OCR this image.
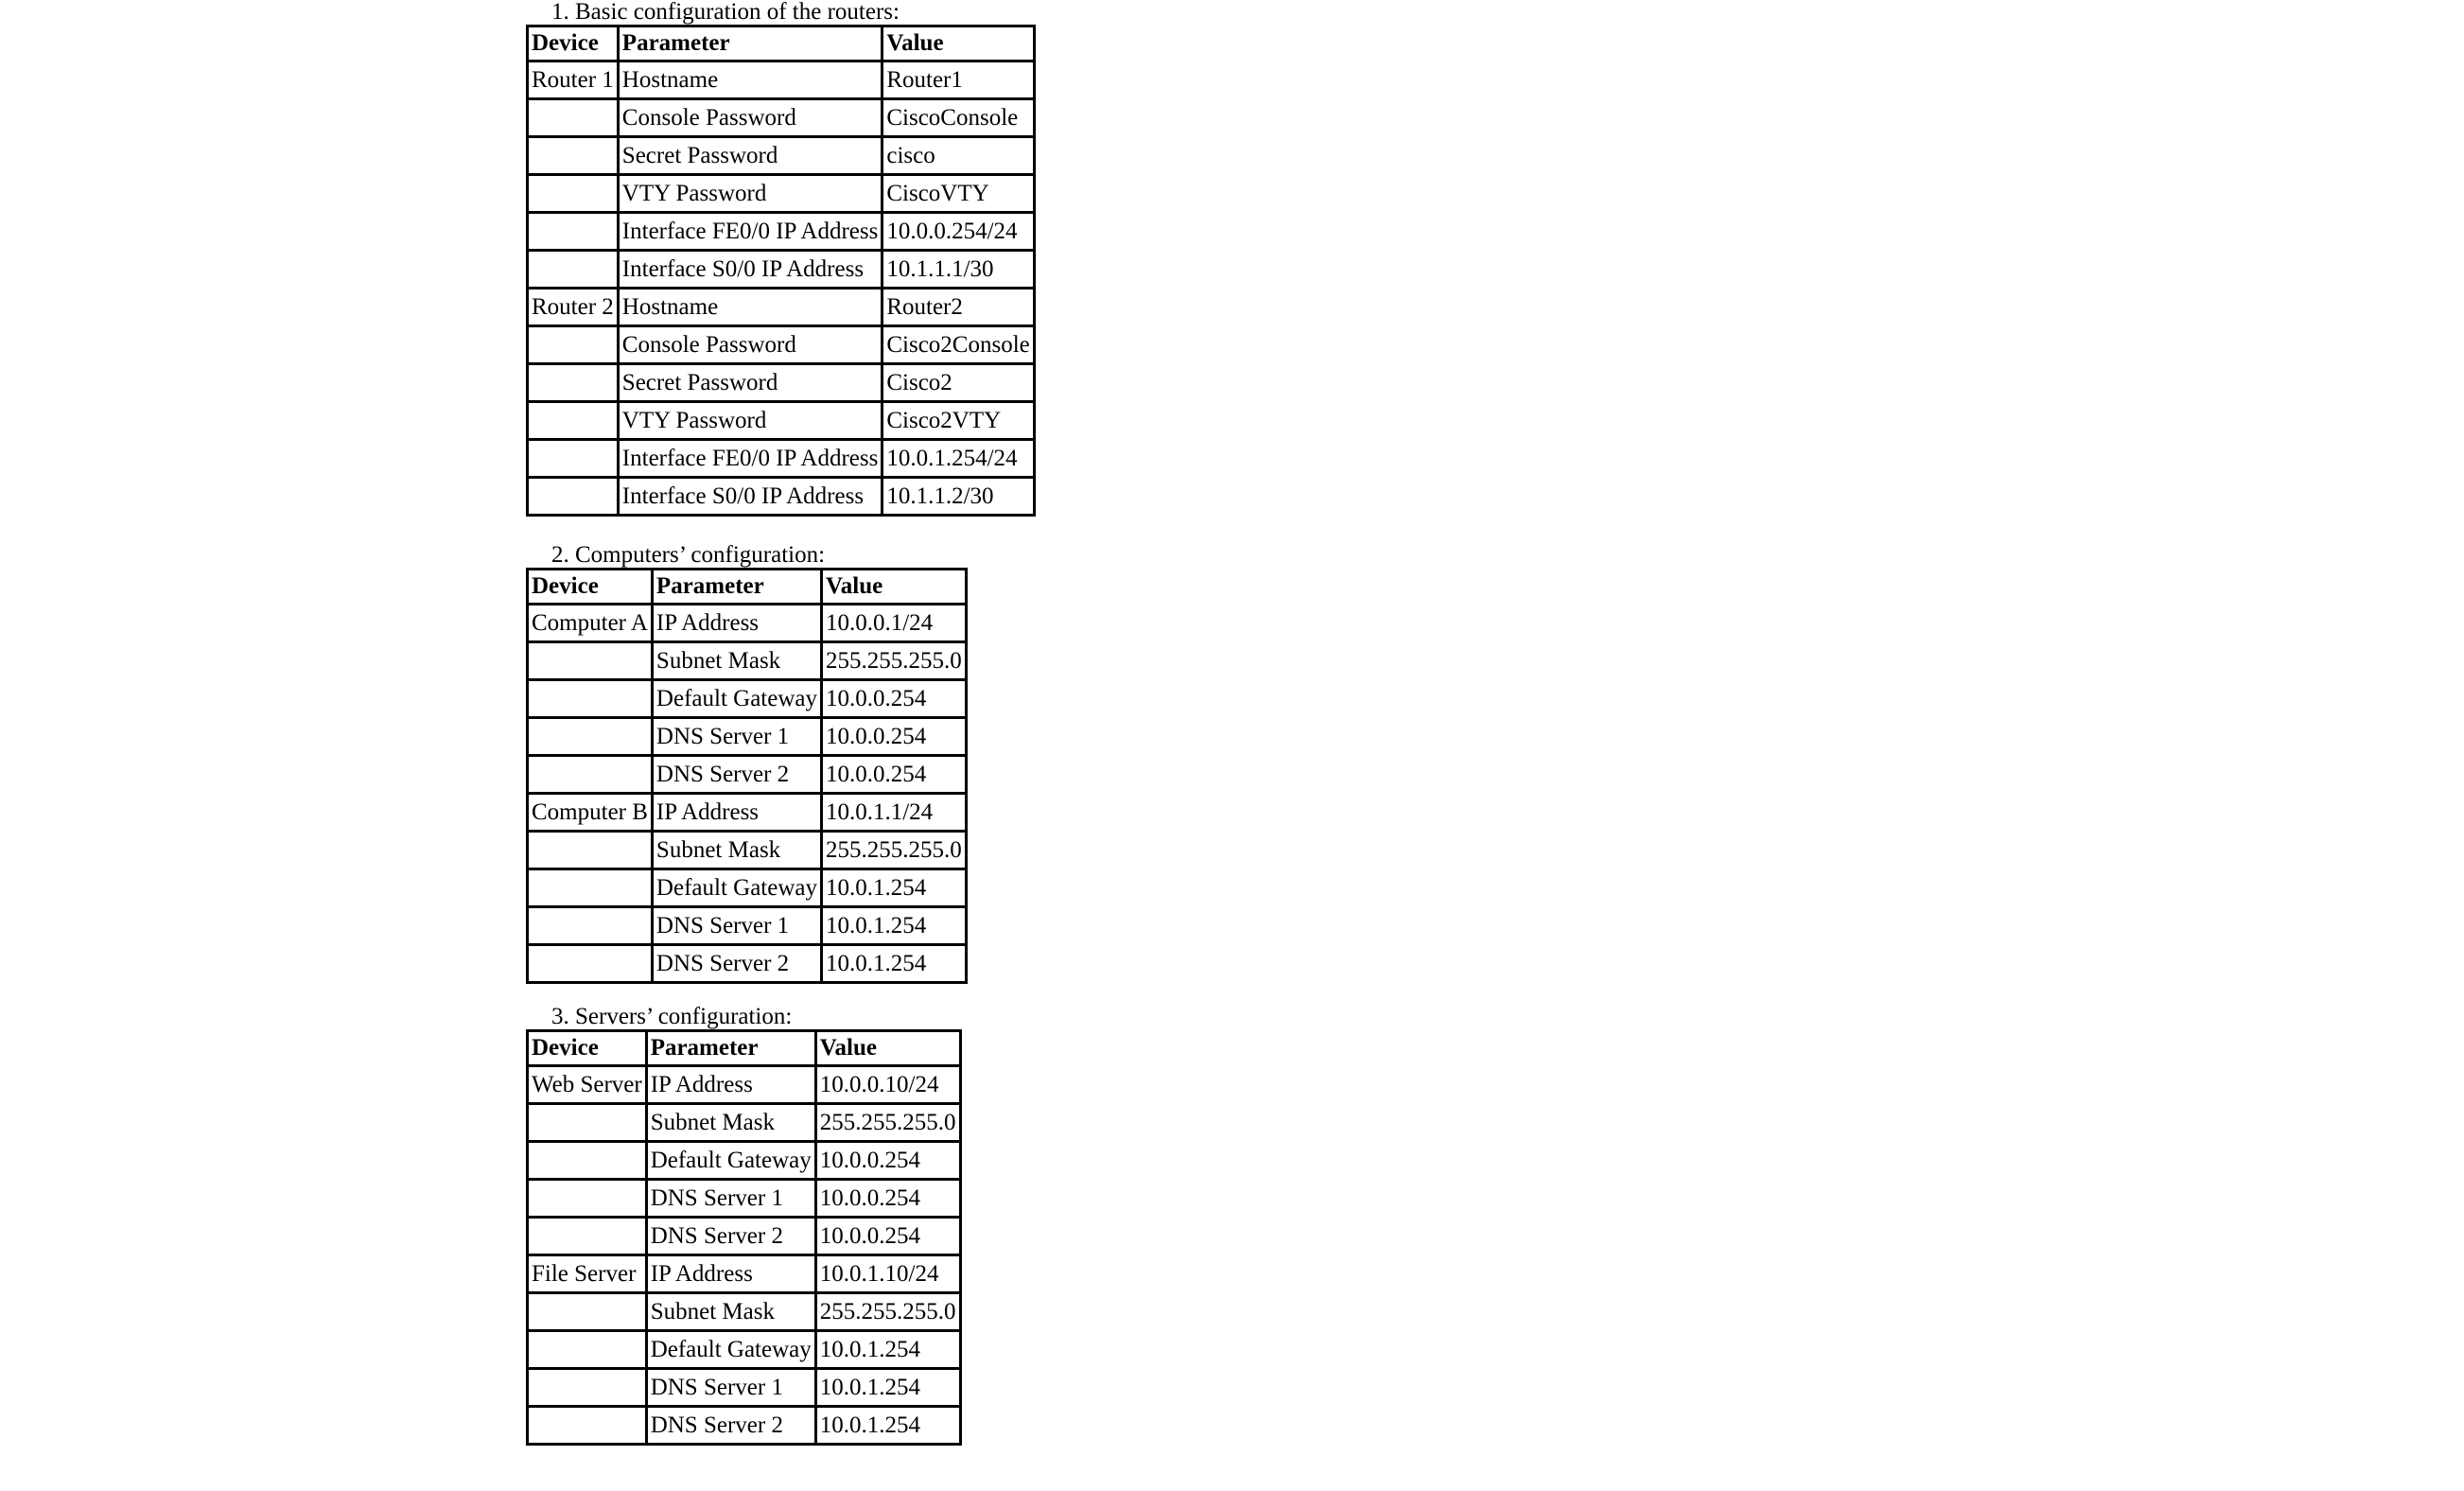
1. Basic configuration of the routers:
Device	Parameter	Value
Router 1	Hostname	Router1
	Console Password	CiscoConsole
	Secret Password	cisco
	VTY Password	CiscoVTY
	Interface FE0/0 IP Address	10.0.0.254/24
	Interface S0/0 IP Address	10.1.1.1/30
Router 2	Hostname	Router2
	Console Password	Cisco2Console
	Secret Password	Cisco2
	VTY Password	Cisco2VTY
	Interface FE0/0 IP Address	10.0.1.254/24
	Interface S0/0 IP Address	10.1.1.2/30
2. Computers’ configuration:
Device	Parameter	Value
Computer A	IP Address	10.0.0.1/24
	Subnet Mask	255.255.255.0
	Default Gateway	10.0.0.254
	DNS Server 1	10.0.0.254
	DNS Server 2	10.0.0.254
Computer B	IP Address	10.0.1.1/24
	Subnet Mask	255.255.255.0
	Default Gateway	10.0.1.254
	DNS Server 1	10.0.1.254
	DNS Server 2	10.0.1.254
3. Servers’ configuration:
Device	Parameter	Value
Web Server	IP Address	10.0.0.10/24
	Subnet Mask	255.255.255.0
	Default Gateway	10.0.0.254
	DNS Server 1	10.0.0.254
	DNS Server 2	10.0.0.254
File Server	IP Address	10.0.1.10/24
	Subnet Mask	255.255.255.0
	Default Gateway	10.0.1.254
	DNS Server 1	10.0.1.254
	DNS Server 2	10.0.1.254
